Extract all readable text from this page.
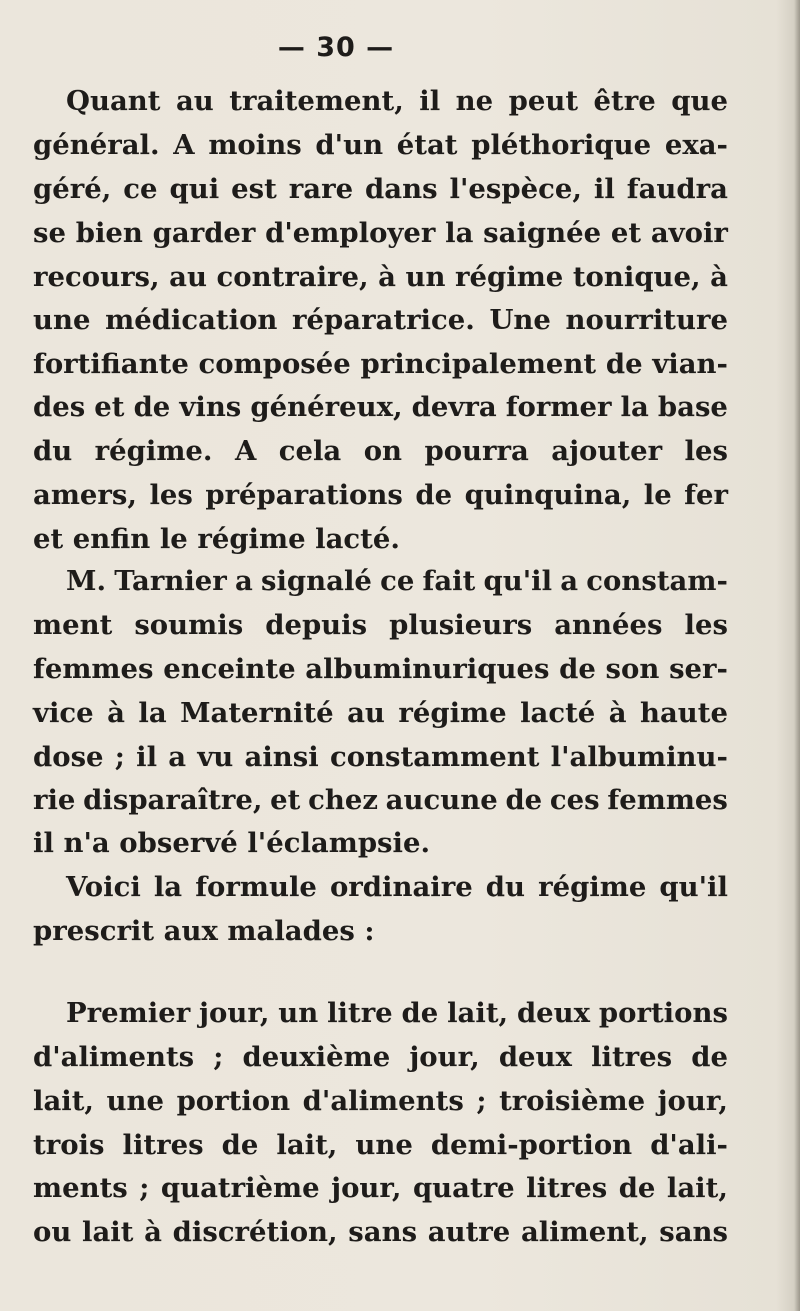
— 30 —
Quant au traitement, il ne peut être que
général. A moins d'un état pléthorique exa-
géré, ce qui est rare dans l'espèce, il faudra
se bien garder d'employer la saignée et avoir
recours, au contraire, à un régime tonique, à
une médication réparatrice. Une nourriture
fortifiante composée principalement de vian-
des et de vins généreux, devra former la base
du régime. A cela on pourra ajouter les
amers, les préparations de quinquina, le fer
et enfin le régime lacté.
M. Tarnier a signalé ce fait qu'il a constam-
ment soumis depuis plusieurs années les
femmes enceinte albuminuriques de son ser-
vice à la Maternité au régime lacté à haute
dose ; il a vu ainsi constamment l'albuminu-
rie disparaître, et chez aucune de ces femmes
il n'a observé l'éclampsie.
Voici la formule ordinaire du régime qu'il
prescrit aux malades :
Premier jour, un litre de lait, deux portions
d'aliments ; deuxième jour, deux litres de
lait, une portion d'aliments ; troisième jour,
trois litres de lait, une demi-portion d'ali-
ments ; quatrième jour, quatre litres de lait,
ou lait à discrétion, sans autre aliment, sans
